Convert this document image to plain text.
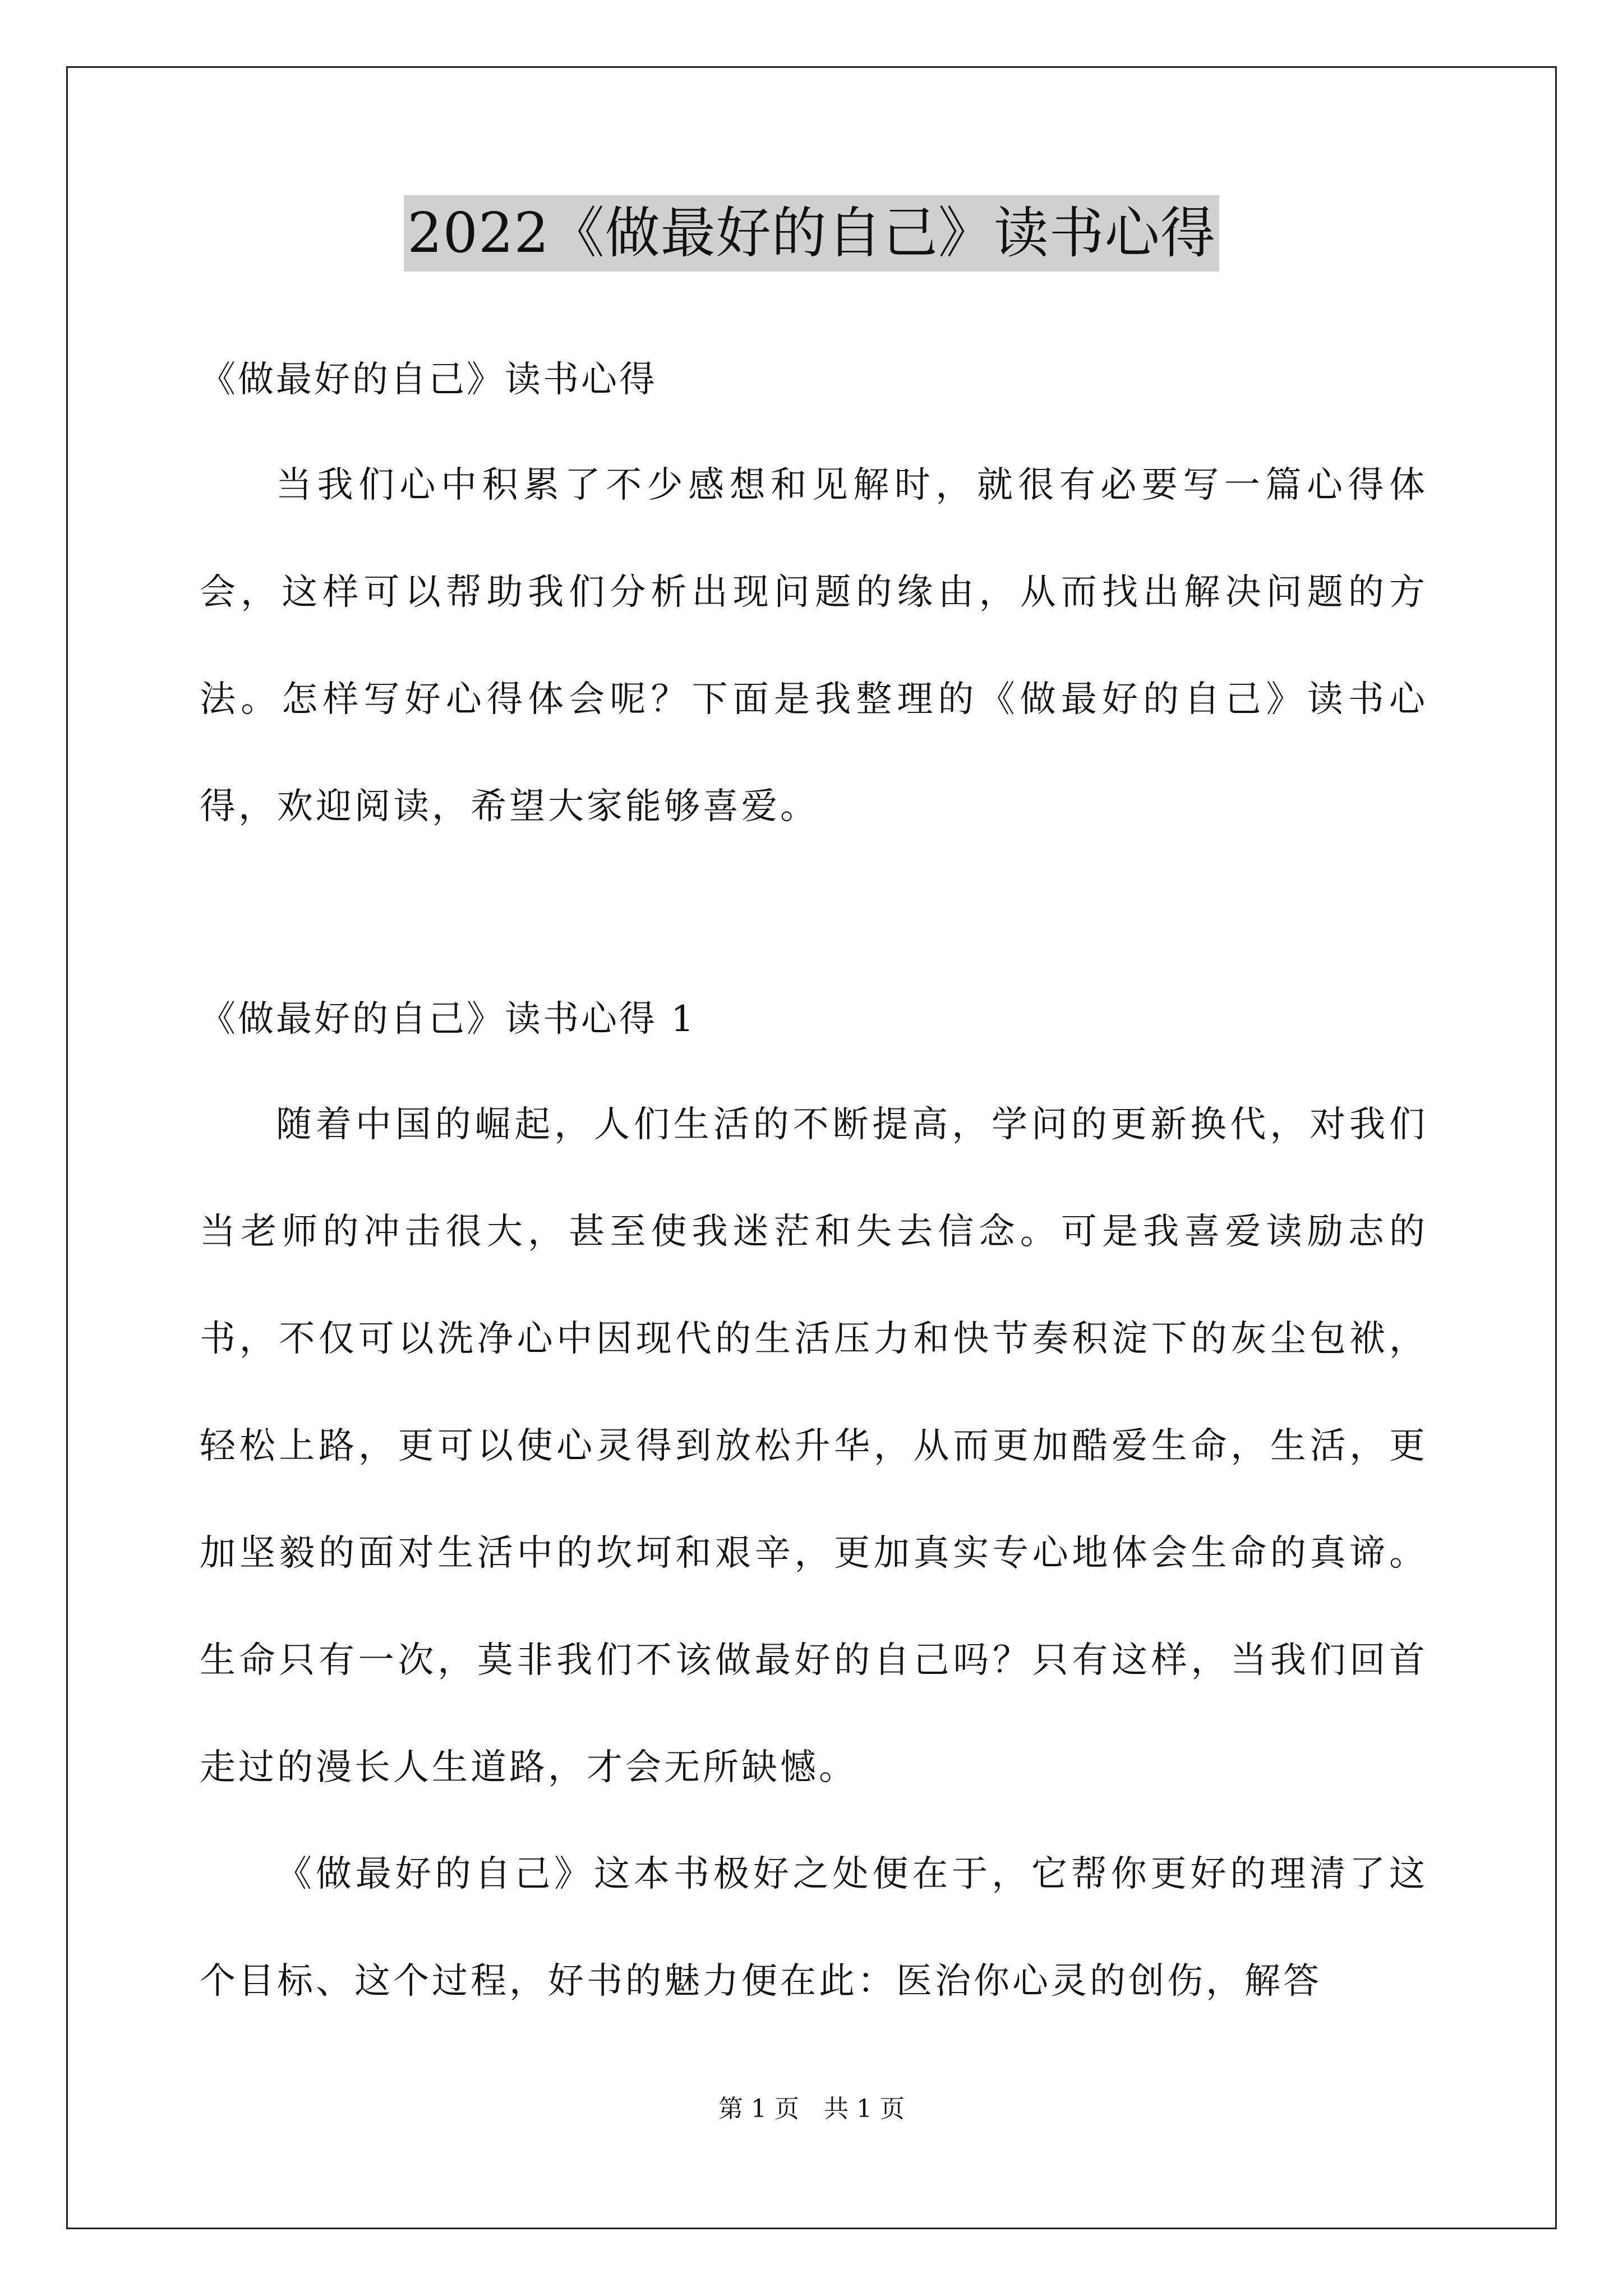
2022《做最好的自己》读书心得
《做最好的自己》读书心得

当我们心中积累了不少感想和见解时，就很有必要写一篇心得体会，这样可以帮助我们分析出现问题的缘由，从而找出解决问题的方法。怎样写好心得体会呢？下面是我整理的《做最好的自己》读书心得，欢迎阅读，希望大家能够喜爱。

《做最好的自己》读书心得 1

随着中国的崛起，人们生活的不断提高，学问的更新换代，对我们当老师的冲击很大，甚至使我迷茫和失去信念。可是我喜爱读励志的书，不仅可以洗净心中因现代的生活压力和快节奏积淀下的灰尘包袱，轻松上路，更可以使心灵得到放松升华，从而更加酷爱生命，生活，更加坚毅的面对生活中的坎坷和艰辛，更加真实专心地体会生命的真谛。生命只有一次，莫非我们不该做最好的自己吗？只有这样，当我们回首走过的漫长人生道路，才会无所缺憾。

《做最好的自己》这本书极好之处便在于，它帮你更好的理清了这个目标、这个过程，好书的魅力便在此：医治你心灵的创伤，解答

第 1 页　共 1 页
